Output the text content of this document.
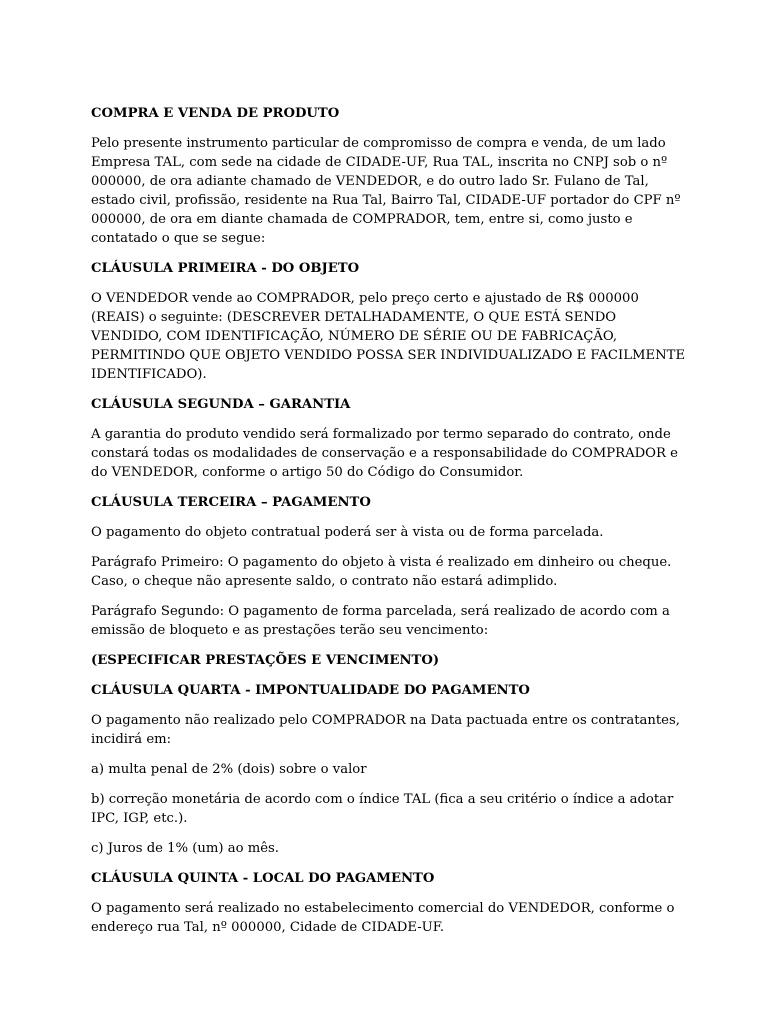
COMPRA E VENDA DE PRODUTO

Pelo presente instrumento particular de compromisso de compra e venda, de um lado Empresa TAL, com sede na cidade de CIDADE-UF, Rua TAL, inscrita no CNPJ sob o nº 000000, de ora adiante chamado de VENDEDOR, e do outro lado Sr. Fulano de Tal, estado civil, profissão, residente na Rua Tal, Bairro Tal, CIDADE-UF portador do CPF nº 000000, de ora em diante chamada de COMPRADOR, tem, entre si, como justo e contatado o que se segue:

CLÁUSULA PRIMEIRA - DO OBJETO

O VENDEDOR vende ao COMPRADOR, pelo preço certo e ajustado de R$ 000000 (REAIS) o seguinte: (DESCREVER DETALHADAMENTE, O QUE ESTÁ SENDO VENDIDO, COM IDENTIFICAÇÃO, NÚMERO DE SÉRIE OU DE FABRICAÇÃO, PERMITINDO QUE OBJETO VENDIDO POSSA SER INDIVIDUALIZADO E FACILMENTE IDENTIFICADO).

CLÁUSULA SEGUNDA – GARANTIA

A garantia do produto vendido será formalizado por termo separado do contrato, onde constará todas os modalidades de conservação e a responsabilidade do COMPRADOR e do VENDEDOR, conforme o artigo 50 do Código do Consumidor.

CLÁUSULA TERCEIRA – PAGAMENTO

O pagamento do objeto contratual poderá ser à vista ou de forma parcelada.

Parágrafo Primeiro: O pagamento do objeto à vista é realizado em dinheiro ou cheque. Caso, o cheque não apresente saldo, o contrato não estará adimplido.

Parágrafo Segundo: O pagamento de forma parcelada, será realizado de acordo com a emissão de bloqueto e as prestações terão seu vencimento:

(ESPECIFICAR PRESTAÇÕES E VENCIMENTO)

CLÁUSULA QUARTA - IMPONTUALIDADE DO PAGAMENTO

O pagamento não realizado pelo COMPRADOR na Data pactuada entre os contratantes, incidirá em:

a) multa penal de 2% (dois) sobre o valor

b) correção monetária de acordo com o índice TAL (fica a seu critério o índice a adotar IPC, IGP, etc.).

c) Juros de 1% (um) ao mês.

CLÁUSULA QUINTA - LOCAL DO PAGAMENTO

O pagamento será realizado no estabelecimento comercial do VENDEDOR, conforme o endereço rua Tal, nº 000000, Cidade de CIDADE-UF.
